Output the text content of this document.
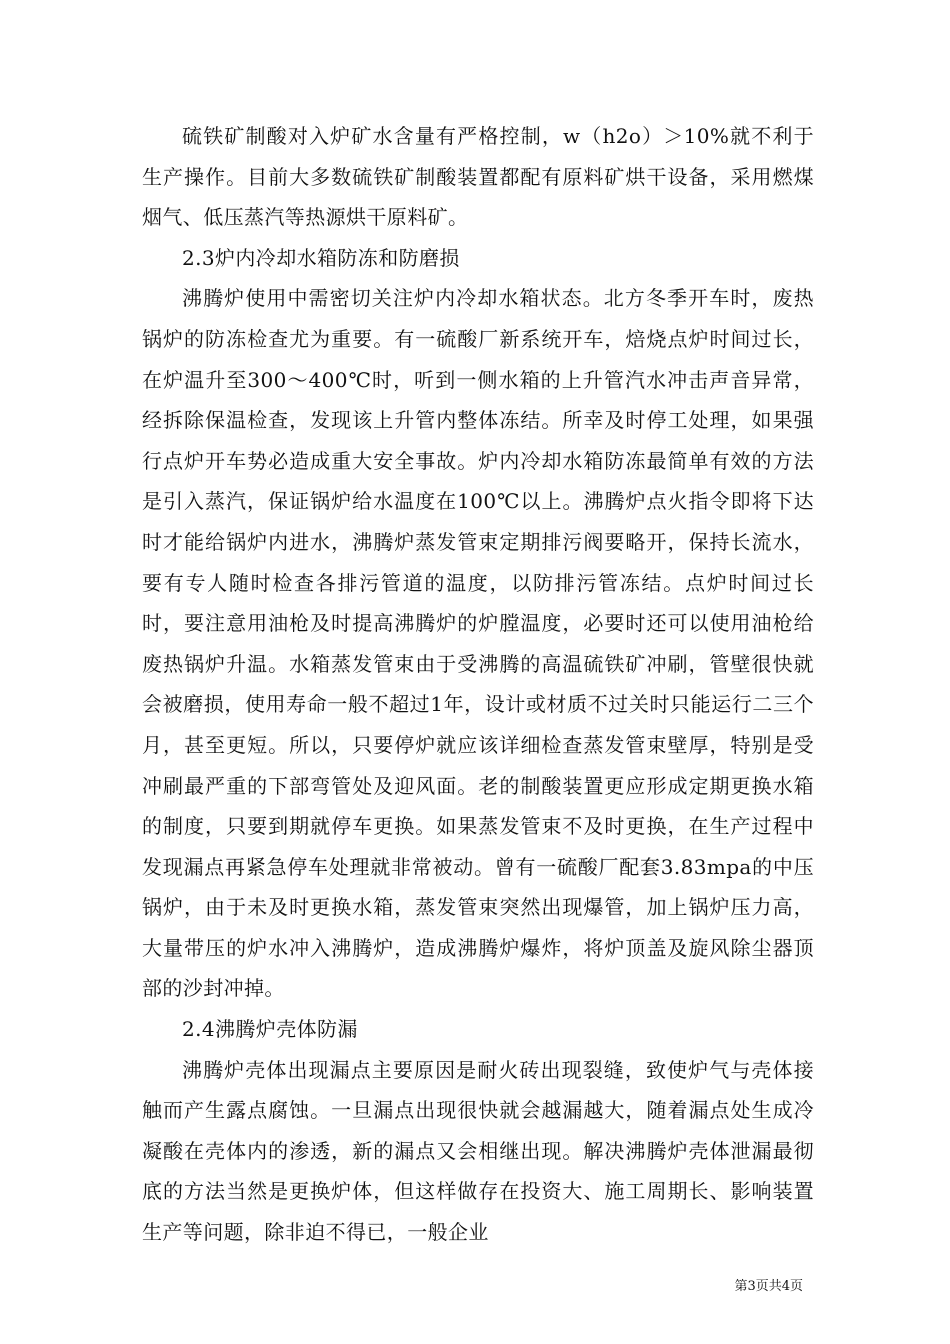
硫铁矿制酸对入炉矿水含量有严格控制，w（h2o）＞10%就不利于生产操作。目前大多数硫铁矿制酸装置都配有原料矿烘干设备，采用燃煤烟气、低压蒸汽等热源烘干原料矿。

2.3炉内冷却水箱防冻和防磨损

沸腾炉使用中需密切关注炉内冷却水箱状态。北方冬季开车时，废热锅炉的防冻检查尤为重要。有一硫酸厂新系统开车，焙烧点炉时间过长，在炉温升至300～400℃时，听到一侧水箱的上升管汽水冲击声音异常，经拆除保温检查，发现该上升管内整体冻结。所幸及时停工处理，如果强行点炉开车势必造成重大安全事故。炉内冷却水箱防冻最简单有效的方法是引入蒸汽，保证锅炉给水温度在100℃以上。沸腾炉点火指令即将下达时才能给锅炉内进水，沸腾炉蒸发管束定期排污阀要略开，保持长流水，要有专人随时检查各排污管道的温度，以防排污管冻结。点炉时间过长时，要注意用油枪及时提高沸腾炉的炉膛温度，必要时还可以使用油枪给废热锅炉升温。水箱蒸发管束由于受沸腾的高温硫铁矿冲刷，管壁很快就会被磨损，使用寿命一般不超过1年，设计或材质不过关时只能运行二三个月，甚至更短。所以，只要停炉就应该详细检查蒸发管束壁厚，特别是受冲刷最严重的下部弯管处及迎风面。老的制酸装置更应形成定期更换水箱的制度，只要到期就停车更换。如果蒸发管束不及时更换，在生产过程中发现漏点再紧急停车处理就非常被动。曾有一硫酸厂配套3.83mpa的中压锅炉，由于未及时更换水箱，蒸发管束突然出现爆管，加上锅炉压力高，大量带压的炉水冲入沸腾炉，造成沸腾炉爆炸，将炉顶盖及旋风除尘器顶部的沙封冲掉。

2.4沸腾炉壳体防漏

沸腾炉壳体出现漏点主要原因是耐火砖出现裂缝，致使炉气与壳体接触而产生露点腐蚀。一旦漏点出现很快就会越漏越大，随着漏点处生成冷凝酸在壳体内的渗透，新的漏点又会相继出现。解决沸腾炉壳体泄漏最彻底的方法当然是更换炉体，但这样做存在投资大、施工周期长、影响装置生产等问题，除非迫不得已，一般企业

第3页共4页
